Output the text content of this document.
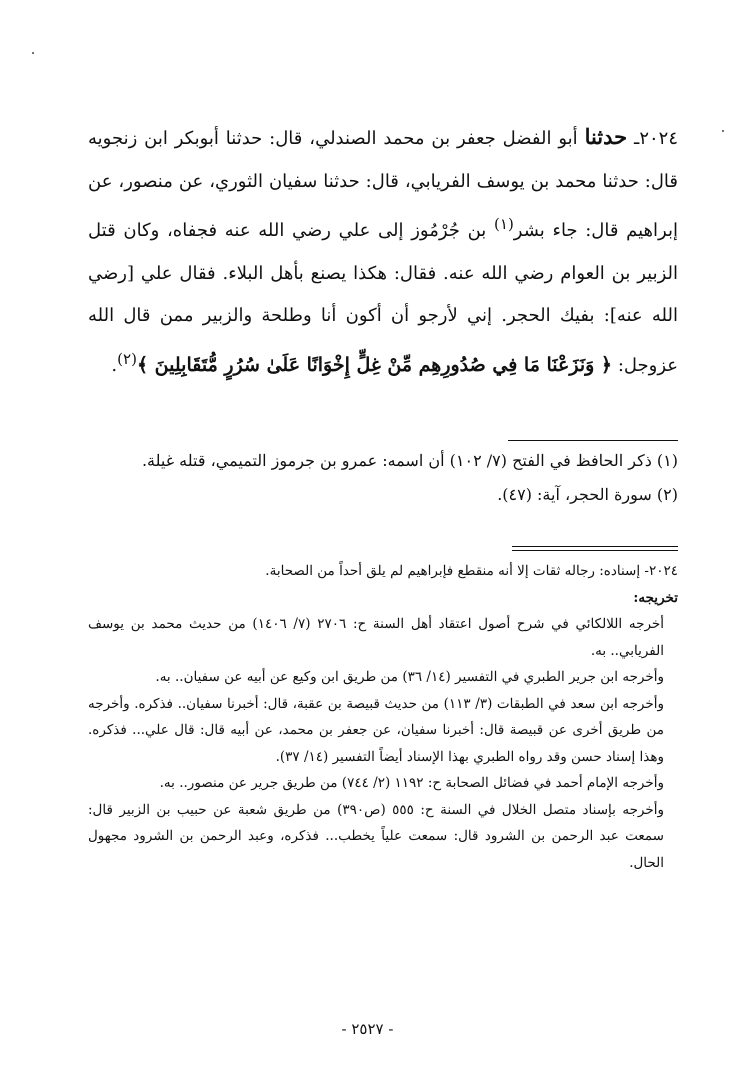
٢٠٢٤ـ حدثنا أبو الفضل جعفر بن محمد الصندلي، قال: حدثنا أبوبكر ابن زنجويه قال: حدثنا محمد بن يوسف الفريابي، قال: حدثنا سفيان الثوري، عن منصور، عن إبراهيم قال: جاء بشر$^{(١)}$ بن جُرْمُوز إلى علي رضي الله عنه فجفاه، وكان قتل الزبير بن العوام رضي الله عنه. فقال: هكذا يصنع بأهل البلاء. فقال علي [رضي الله عنه]: بفيك الحجر. إني لأرجو أن أكون أنا وطلحة والزبير ممن قال الله عزوجل: ﴿ وَنَزَعْنَا مَا فِي صُدُورِهِم مِّنْ غِلٍّ إِخْوَانًا عَلَىٰ سُرُرٍ مُّتَقَابِلِينَ ﴾$^{(٢)}$.

(١) ذكر الحافظ في الفتح (٧/ ١٠٢) أن اسمه: عمرو بن جرموز التميمي، قتله غيلة.

(٢) سورة الحجر، آية: (٤٧).

٢٠٢٤- إسناده: رجاله ثقات إلا أنه منقطع فإبراهيم لم يلق أحداً من الصحابة.

تخريجه:

أخرجه اللالكائي في شرح أصول اعتقاد أهل السنة ح: ٢٧٠٦ (٧/ ١٤٠٦) من حديث محمد بن يوسف الفريابي.. به.

وأخرجه ابن جرير الطبري في التفسير (١٤/ ٣٦) من طريق ابن وكيع عن أبيه عن سفيان.. به.

وأخرجه ابن سعد في الطبقات (٣/ ١١٣) من حديث قبيصة بن عقبة، قال: أخبرنا سفيان.. فذكره. وأخرجه من طريق أخرى عن قبيصة قال: أخبرنا سفيان، عن جعفر بن محمد، عن أبيه قال: قال علي... فذكره. وهذا إسناد حسن وقد رواه الطبري بهذا الإسناد أيضاً التفسير (١٤/ ٣٧).

وأخرجه الإمام أحمد في فضائل الصحابة ح: ١١٩٢ (٢/ ٧٤٤) من طريق جرير عن منصور.. به.

وأخرجه بإسناد متصل الخلال في السنة ح: ٥٥٥ (ص٣٩٠) من طريق شعبة عن حبيب بن الزبير قال: سمعت عبد الرحمن بن الشرود قال: سمعت علياً يخطب... فذكره، وعبد الرحمن بن الشرود مجهول الحال.

- ٢٥٢٧ -
